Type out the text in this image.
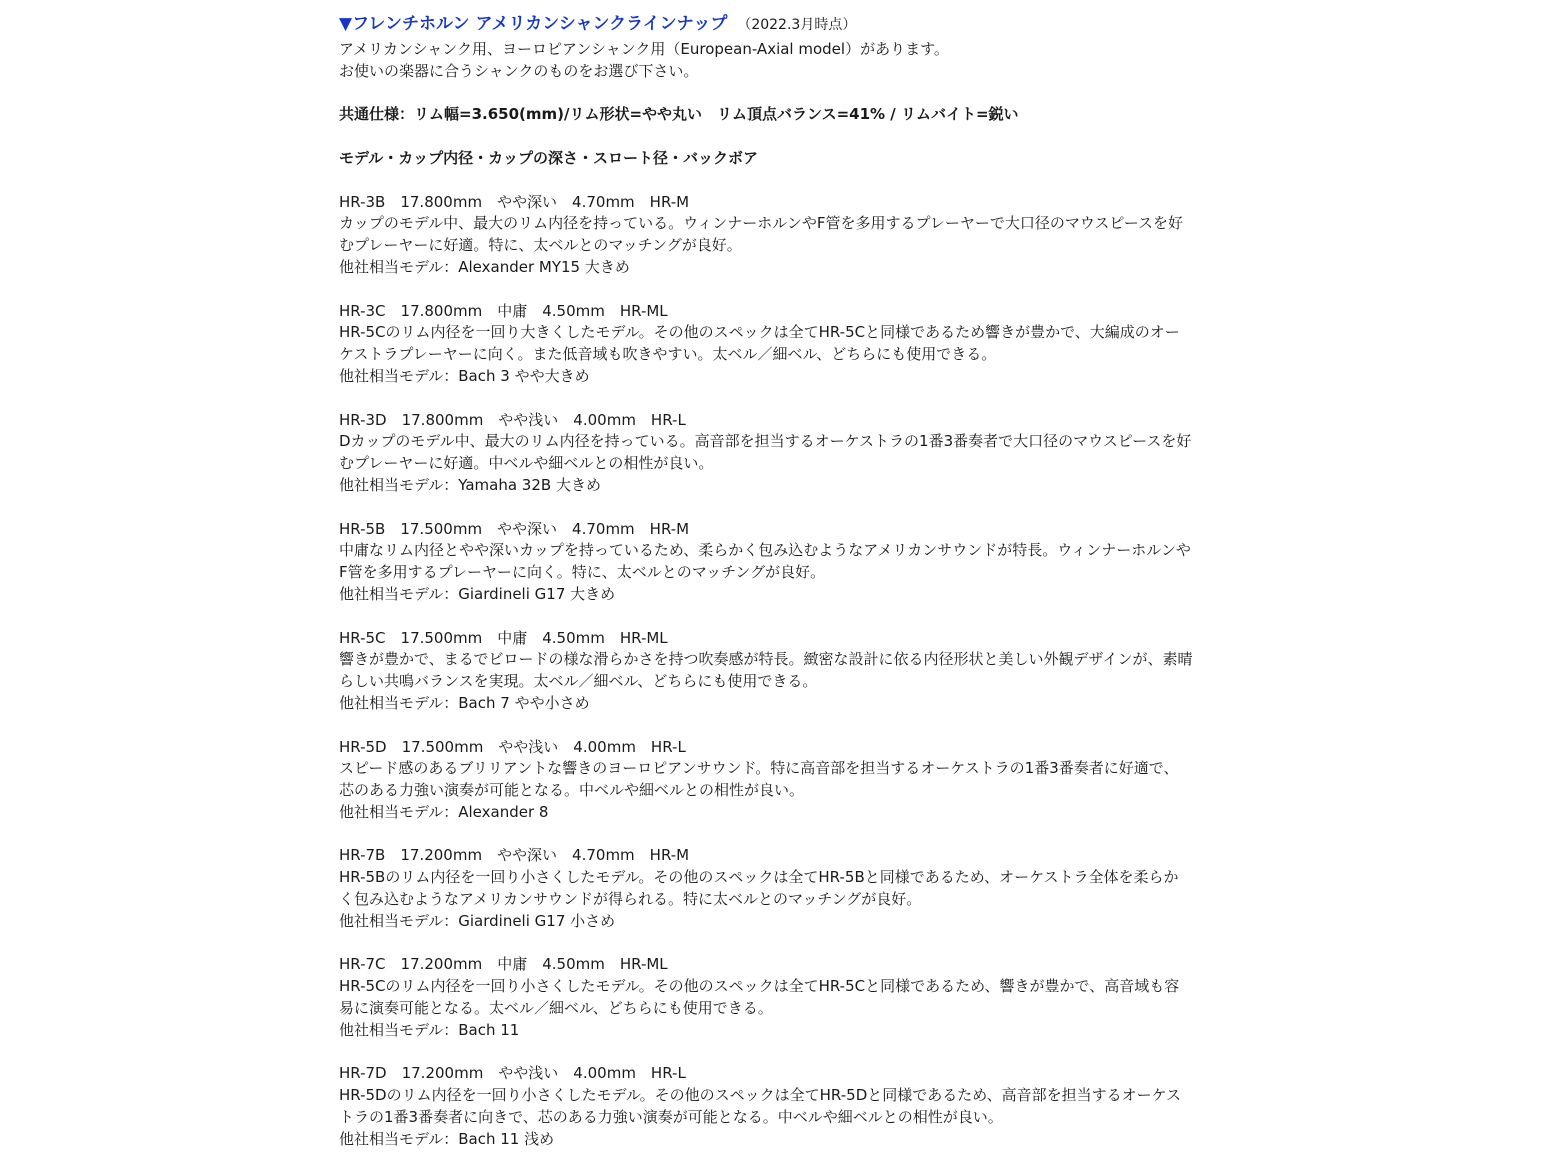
▼フレンチホルン アメリカンシャンクラインナップ （2022.3月時点）

アメリカンシャンク用、ヨーロピアンシャンク用（European-Axial model）があります。
お使いの楽器に合うシャンクのものをお選び下さい。

共通仕様：リム幅=3.650(mm)/リム形状=やや丸い　リム頂点バランス=41% / リムバイト=鋭い

モデル・カップ内径・カップの深さ・スロート径・バックボア

HR-3B　17.800mm　やや深い　4.70mm　HR-M
カップのモデル中、最大のリム内径を持っている。ウィンナーホルンやF管を多用するプレーヤーで大口径のマウスピースを好
むプレーヤーに好適。特に、太ベルとのマッチングが良好。
他社相当モデル：Alexander MY15 大きめ
HR-3C　17.800mm　中庸　4.50mm　HR-ML
HR-5Cのリム内径を一回り大きくしたモデル。その他のスペックは全てHR-5Cと同様であるため響きが豊かで、大編成のオー
ケストラプレーヤーに向く。また低音域も吹きやすい。太ベル／細ベル、どちらにも使用できる。
他社相当モデル：Bach 3 やや大きめ
HR-3D　17.800mm　やや浅い　4.00mm　HR-L
Dカップのモデル中、最大のリム内径を持っている。高音部を担当するオーケストラの1番3番奏者で大口径のマウスピースを好
むプレーヤーに好適。中ベルや細ベルとの相性が良い。
他社相当モデル：Yamaha 32B 大きめ
HR-5B　17.500mm　やや深い　4.70mm　HR-M
中庸なリム内径とやや深いカップを持っているため、柔らかく包み込むようなアメリカンサウンドが特長。ウィンナーホルンや
F管を多用するプレーヤーに向く。特に、太ベルとのマッチングが良好。
他社相当モデル：Giardineli G17 大きめ
HR-5C　17.500mm　中庸　4.50mm　HR-ML
響きが豊かで、まるでビロードの様な滑らかさを持つ吹奏感が特長。緻密な設計に依る内径形状と美しい外観デザインが、素晴
らしい共鳴バランスを実現。太ベル／細ベル、どちらにも使用できる。
他社相当モデル：Bach 7 やや小さめ
HR-5D　17.500mm　やや浅い　4.00mm　HR-L
スピード感のあるブリリアントな響きのヨーロピアンサウンド。特に高音部を担当するオーケストラの1番3番奏者に好適で、
芯のある力強い演奏が可能となる。中ベルや細ベルとの相性が良い。
他社相当モデル：Alexander 8
HR-7B　17.200mm　やや深い　4.70mm　HR-M
HR-5Bのリム内径を一回り小さくしたモデル。その他のスペックは全てHR-5Bと同様であるため、オーケストラ全体を柔らか
く包み込むようなアメリカンサウンドが得られる。特に太ベルとのマッチングが良好。
他社相当モデル：Giardineli G17 小さめ
HR-7C　17.200mm　中庸　4.50mm　HR-ML
HR-5Cのリム内径を一回り小さくしたモデル。その他のスペックは全てHR-5Cと同様であるため、響きが豊かで、高音域も容
易に演奏可能となる。太ベル／細ベル、どちらにも使用できる。
他社相当モデル：Bach 11
HR-7D　17.200mm　やや浅い　4.00mm　HR-L
HR-5Dのリム内径を一回り小さくしたモデル。その他のスペックは全てHR-5Dと同様であるため、高音部を担当するオーケス
トラの1番3番奏者に向きで、芯のある力強い演奏が可能となる。中ベルや細ベルとの相性が良い。
他社相当モデル：Bach 11 浅め
